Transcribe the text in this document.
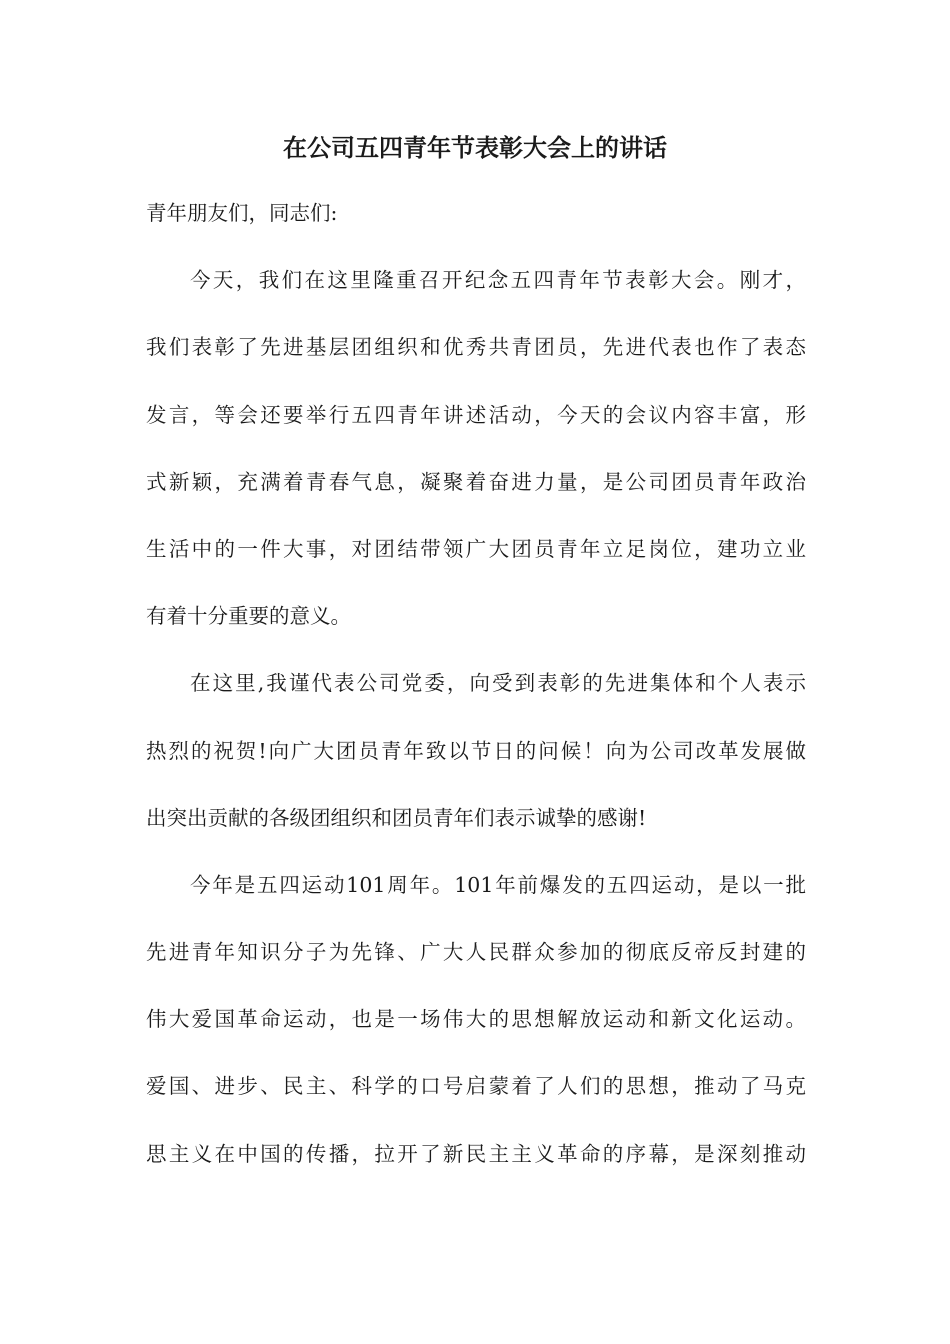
在公司五四青年节表彰大会上的讲话
青年朋友们，同志们:
今天，我们在这里隆重召开纪念五四青年节表彰大会。刚才，
我们表彰了先进基层团组织和优秀共青团员，先进代表也作了表态
发言，等会还要举行五四青年讲述活动，今天的会议内容丰富，形
式新颖，充满着青春气息，凝聚着奋进力量，是公司团员青年政治
生活中的一件大事，对团结带领广大团员青年立足岗位，建功立业
有着十分重要的意义。
在这里,我谨代表公司党委，向受到表彰的先进集体和个人表示
热烈的祝贺!向广大团员青年致以节日的问候！向为公司改革发展做
出突出贡献的各级团组织和团员青年们表示诚挚的感谢!
今年是五四运动101周年。101年前爆发的五四运动，是以一批
先进青年知识分子为先锋、广大人民群众参加的彻底反帝反封建的
伟大爱国革命运动，也是一场伟大的思想解放运动和新文化运动。
爱国、进步、民主、科学的口号启蒙着了人们的思想，推动了马克
思主义在中国的传播，拉开了新民主主义革命的序幕，是深刻推动
